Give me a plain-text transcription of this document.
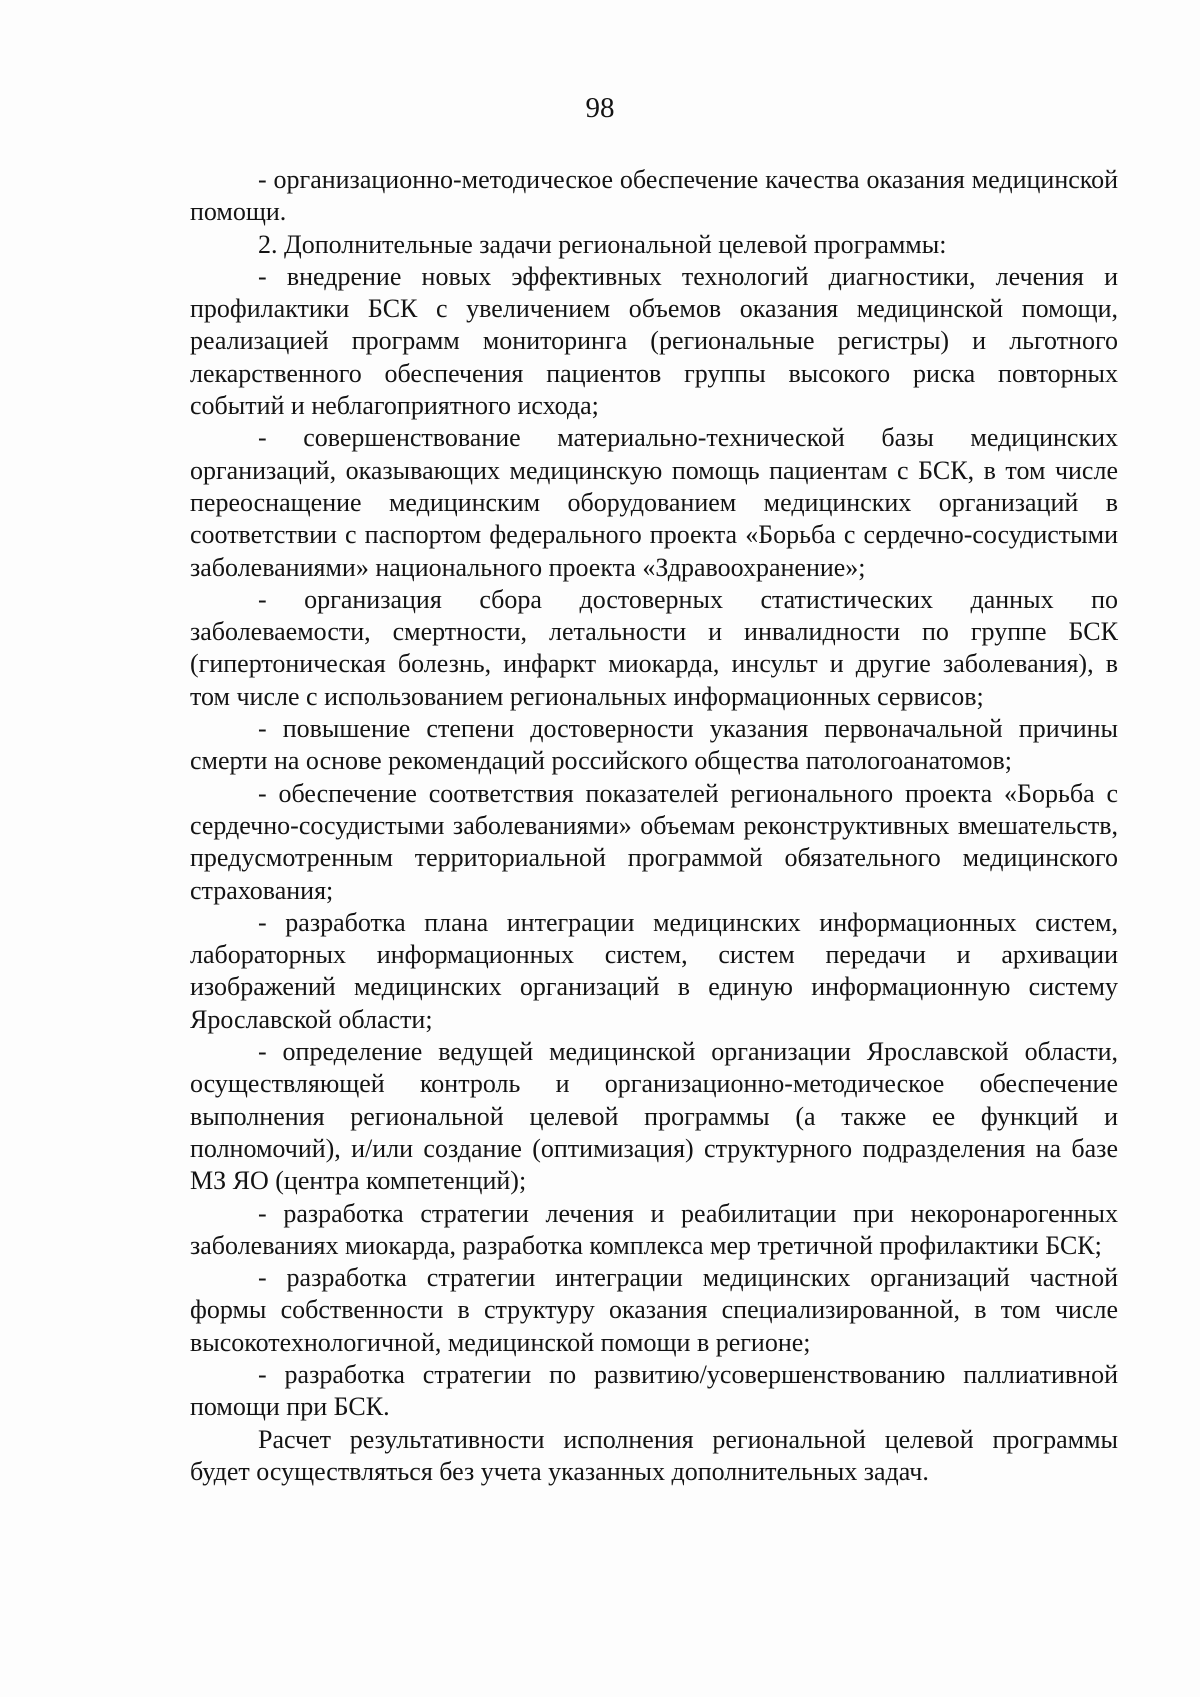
98

- организационно-методическое обеспечение качества оказания медицинской помощи.

2. Дополнительные задачи региональной целевой программы:

- внедрение новых эффективных технологий диагностики, лечения и профилактики БСК с увеличением объемов оказания медицинской помощи, реализацией программ мониторинга (региональные регистры) и льготного лекарственного обеспечения пациентов группы высокого риска повторных событий и неблагоприятного исхода;

- совершенствование материально-технической базы медицинских организаций, оказывающих медицинскую помощь пациентам с БСК, в том числе переоснащение медицинским оборудованием медицинских организаций в соответствии с паспортом федерального проекта «Борьба с сердечно-сосудистыми заболеваниями» национального проекта «Здравоохранение»;

- организация сбора достоверных статистических данных по заболеваемости, смертности, летальности и инвалидности по группе БСК (гипертоническая болезнь, инфаркт миокарда, инсульт и другие заболевания), в том числе с использованием региональных информационных сервисов;

- повышение степени достоверности указания первоначальной причины смерти на основе рекомендаций российского общества патологоанатомов;

- обеспечение соответствия показателей регионального проекта «Борьба с сердечно-сосудистыми заболеваниями» объемам реконструктивных вмешательств, предусмотренным территориальной программой обязательного медицинского страхования;

- разработка плана интеграции медицинских информационных систем, лабораторных информационных систем, систем передачи и архивации изображений медицинских организаций в единую информационную систему Ярославской области;

- определение ведущей медицинской организации Ярославской области, осуществляющей контроль и организационно-методическое обеспечение выполнения региональной целевой программы (а также ее функций и полномочий), и/или создание (оптимизация) структурного подразделения на базе МЗ ЯО (центра компетенций);

- разработка стратегии лечения и реабилитации при некоронарогенных заболеваниях миокарда, разработка комплекса мер третичной профилактики БСК;

- разработка стратегии интеграции медицинских организаций частной формы собственности в структуру оказания специализированной, в том числе высокотехнологичной, медицинской помощи в регионе;

- разработка стратегии по развитию/усовершенствованию паллиативной помощи при БСК.

Расчет результативности исполнения региональной целевой программы будет осуществляться без учета указанных дополнительных задач.
